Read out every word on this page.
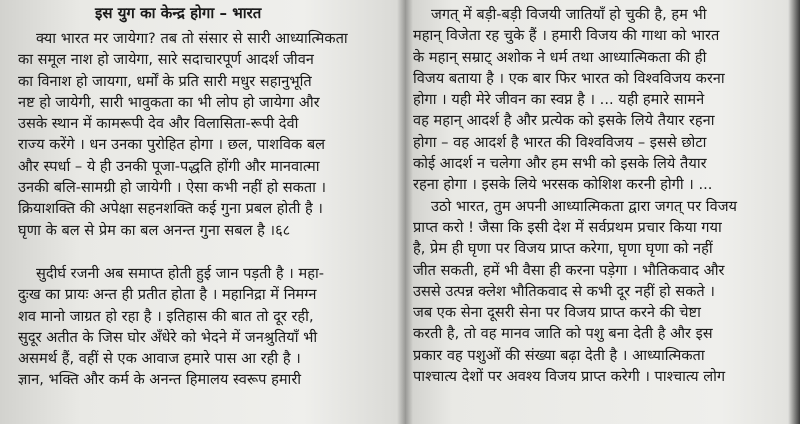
इस युग का केन्द्र होगा – भारत
क्या भारत मर जायेगा? तब तो संसार से सारी आध्यात्मिकता
का समूल नाश हो जायेगा, सारे सदाचारपूर्ण आदर्श जीवन
का विनाश हो जायगा, धर्मों के प्रति सारी मधुर सहानुभूति
नष्ट हो जायेगी, सारी भावुकता का भी लोप हो जायेगा और
उसके स्थान में कामरूपी देव और विलासिता-रूपी देवी
राज्य करेंगे । धन उनका पुरोहित होगा । छल, पाशविक बल
और स्पर्धा – ये ही उनकी पूजा-पद्धति होंगी और मानवात्मा
उनकी बलि-सामग्री हो जायेगी । ऐसा कभी नहीं हो सकता ।
क्रियाशक्ति की अपेक्षा सहनशक्ति कई गुना प्रबल होती है ।
घृणा के बल से प्रेम का बल अनन्त गुना सबल है ।६८
सुदीर्घ रजनी अब समाप्त होती हुई जान पड़ती है । महा-
दुःख का प्रायः अन्त ही प्रतीत होता है । महानिद्रा में निमग्न
शव मानो जाग्रत हो रहा है । इतिहास की बात तो दूर रही,
सुदूर अतीत के जिस घोर अँधेरे को भेदने में जनश्रुतियाँ भी
असमर्थ हैं, वहीं से एक आवाज हमारे पास आ रही है ।
ज्ञान, भक्ति और कर्म के अनन्त हिमालय स्वरूप हमारी
जगत् में बड़ी-बड़ी विजयी जातियाँ हो चुकी है, हम भी
महान् विजेता रह चुके हैं । हमारी विजय की गाथा को भारत
के महान् सम्राट् अशोक ने धर्म तथा आध्यात्मिकता की ही
विजय बताया है । एक बार फिर भारत को विश्वविजय करना
होगा । यही मेरे जीवन का स्वप्न है । ... यही हमारे सामने
वह महान् आदर्श है और प्रत्येक को इसके लिये तैयार रहना
होगा – वह आदर्श है भारत की विश्वविजय – इससे छोटा
कोई आदर्श न चलेगा और हम सभी को इसके लिये तैयार
रहना होगा । इसके लिये भरसक कोशिश करनी होगी । ...
उठो भारत, तुम अपनी आध्यात्मिकता द्वारा जगत् पर विजय
प्राप्त करो ! जैसा कि इसी देश में सर्वप्रथम प्रचार किया गया
है, प्रेम ही घृणा पर विजय प्राप्त करेगा, घृणा घृणा को नहीं
जीत सकती, हमें भी वैसा ही करना पड़ेगा । भौतिकवाद और
उससे उत्पन्न क्लेश भौतिकवाद से कभी दूर नहीं हो सकते ।
जब एक सेना दूसरी सेना पर विजय प्राप्त करने की चेष्टा
करती है, तो वह मानव जाति को पशु बना देती है और इस
प्रकार वह पशुओं की संख्या बढ़ा देती है । आध्यात्मिकता
पाश्चात्य देशों पर अवश्य विजय प्राप्त करेगी । पाश्चात्य लोग
